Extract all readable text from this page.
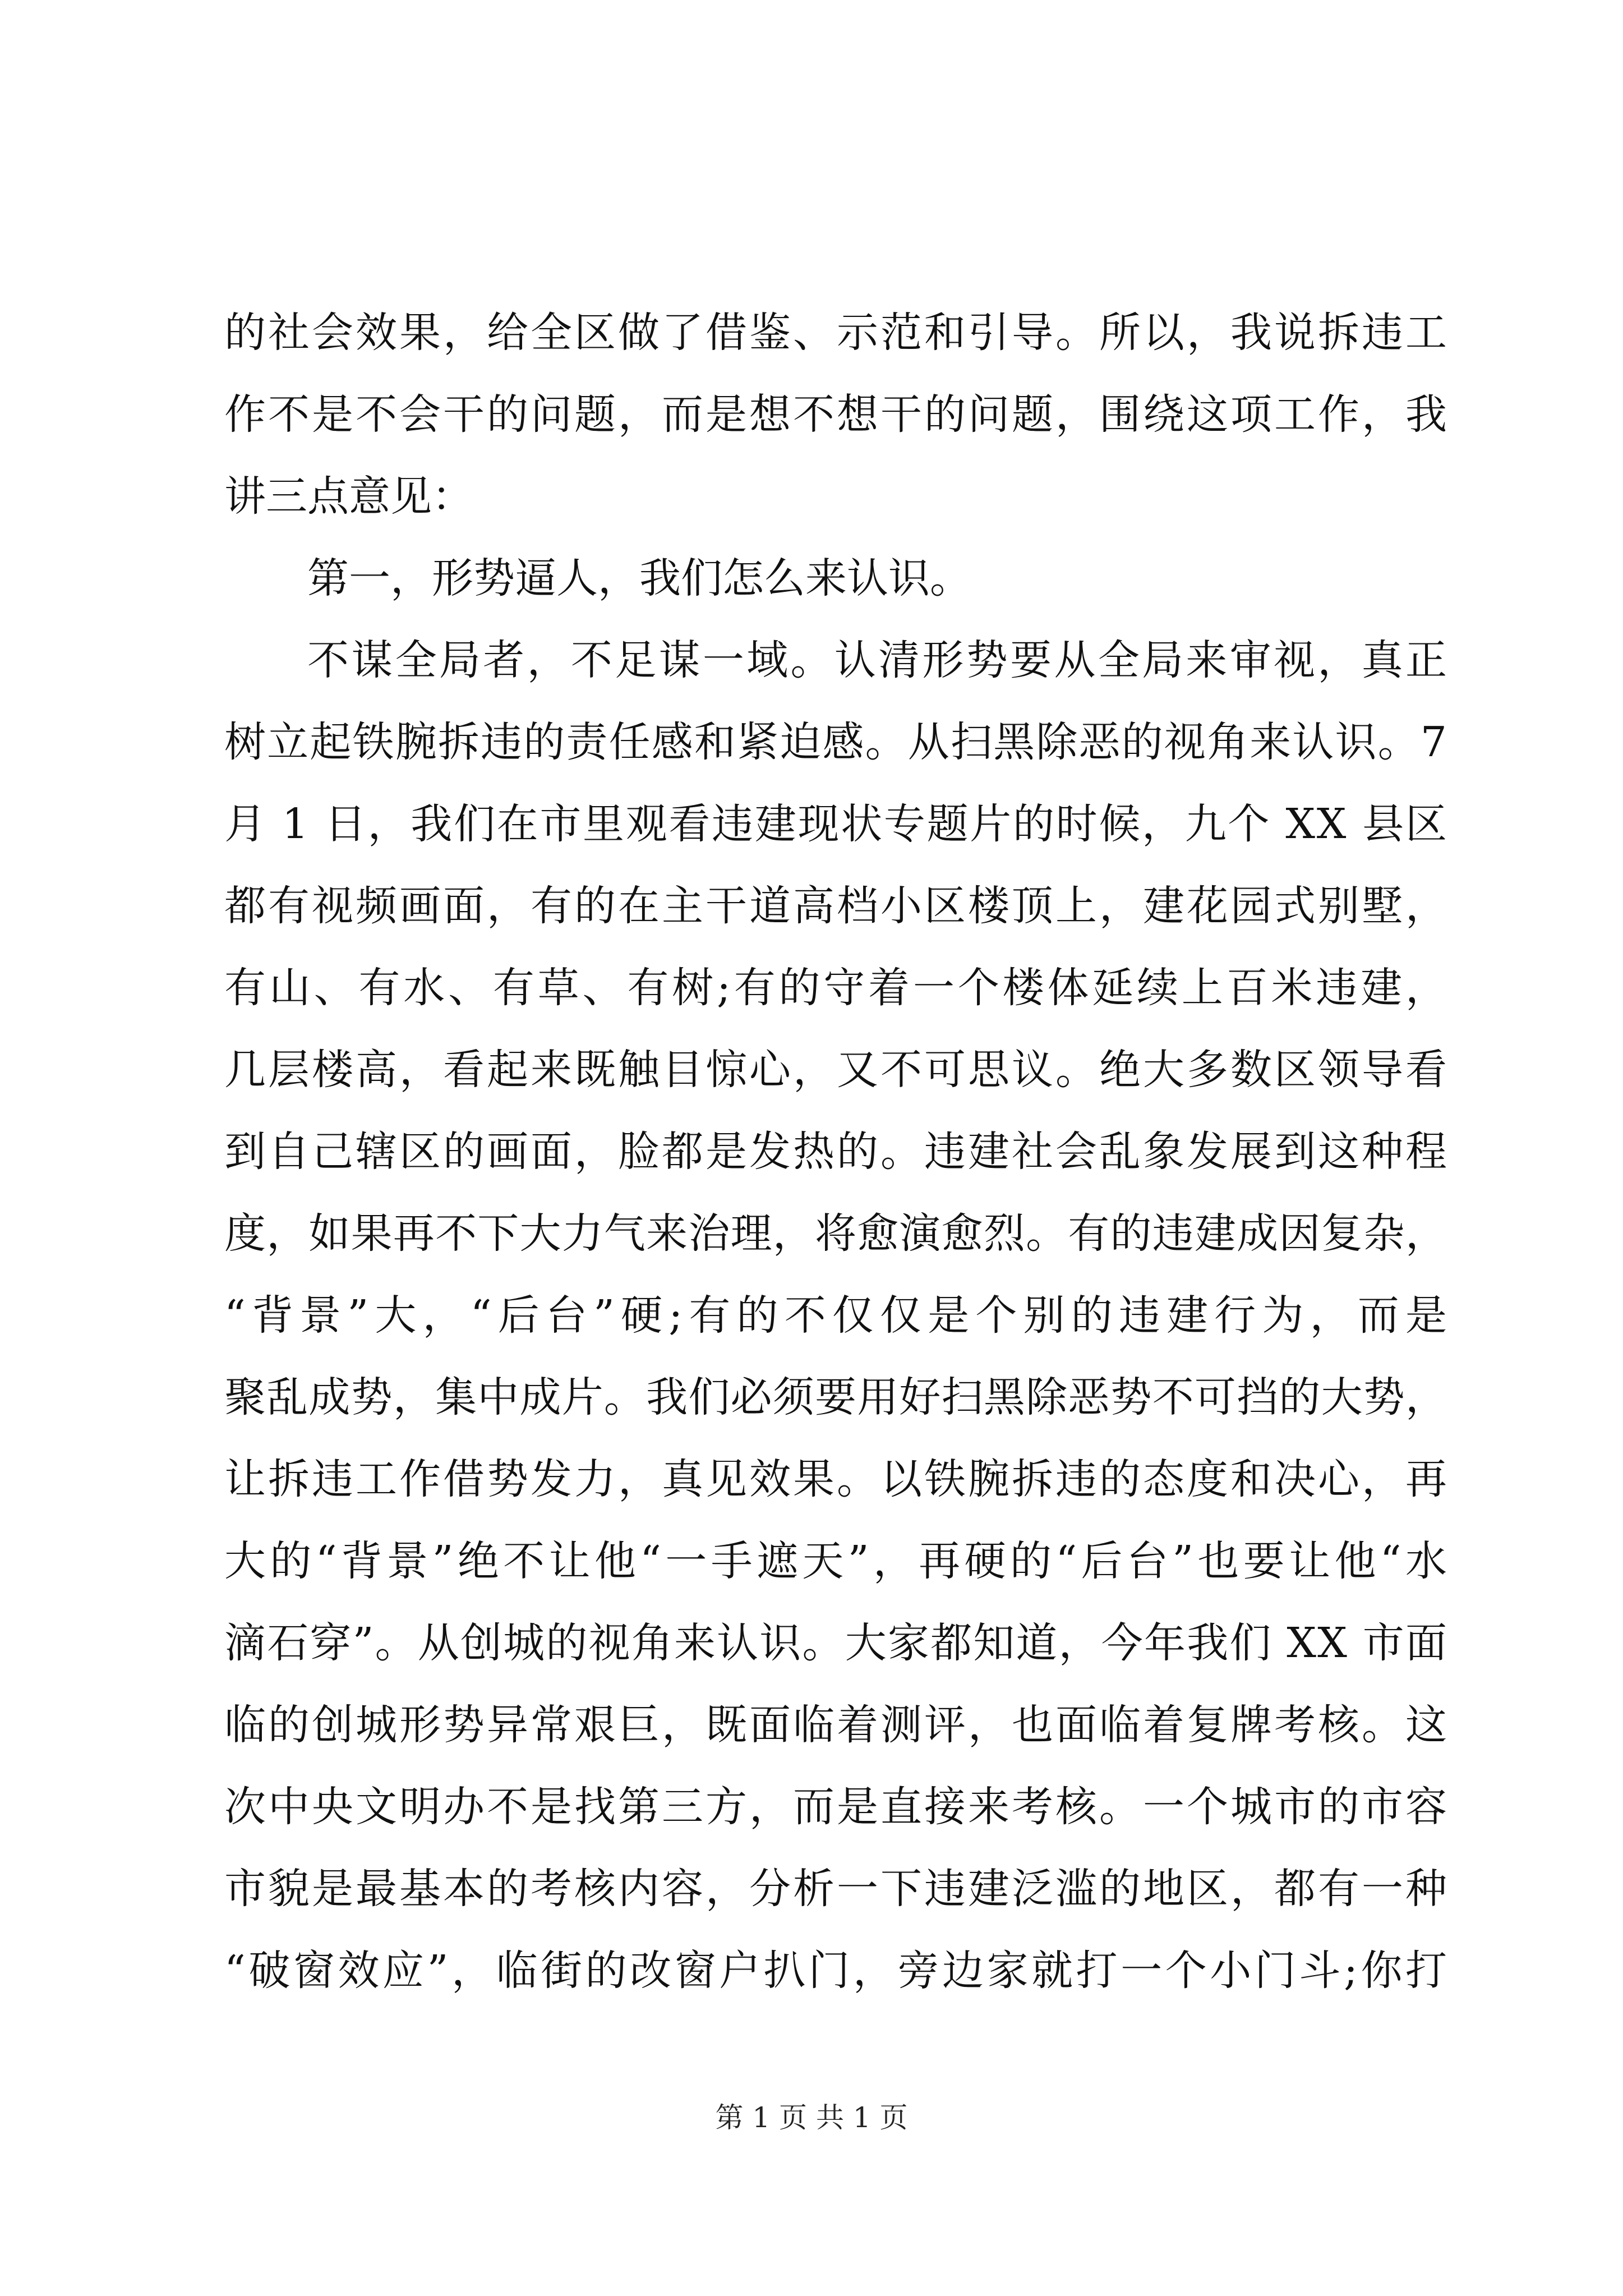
的社会效果，给全区做了借鉴、示范和引导。所以，我说拆违工
作不是不会干的问题，而是想不想干的问题，围绕这项工作，我
讲三点意见：
第一，形势逼人，我们怎么来认识。
不谋全局者，不足谋一域。认清形势要从全局来审视，真正
树立起铁腕拆违的责任感和紧迫感。从扫黑除恶的视角来认识。7
月 1 日，我们在市里观看违建现状专题片的时候，九个 XX 县区
都有视频画面，有的在主干道高档小区楼顶上，建花园式别墅，
有山、有水、有草、有树;有的守着一个楼体延续上百米违建，
几层楼高，看起来既触目惊心，又不可思议。绝大多数区领导看
到自己辖区的画面，脸都是发热的。违建社会乱象发展到这种程
度，如果再不下大力气来治理，将愈演愈烈。有的违建成因复杂，
“背景”大，“后台”硬;有的不仅仅是个别的违建行为，而是
聚乱成势，集中成片。我们必须要用好扫黑除恶势不可挡的大势，
让拆违工作借势发力，真见效果。以铁腕拆违的态度和决心，再
大的“背景”绝不让他“一手遮天”，再硬的“后台”也要让他“水
滴石穿”。从创城的视角来认识。大家都知道，今年我们 XX 市面
临的创城形势异常艰巨，既面临着测评，也面临着复牌考核。这
次中央文明办不是找第三方，而是直接来考核。一个城市的市容
市貌是最基本的考核内容，分析一下违建泛滥的地区，都有一种
“破窗效应”，临街的改窗户扒门，旁边家就打一个小门斗;你打
第 1 页 共 1 页
